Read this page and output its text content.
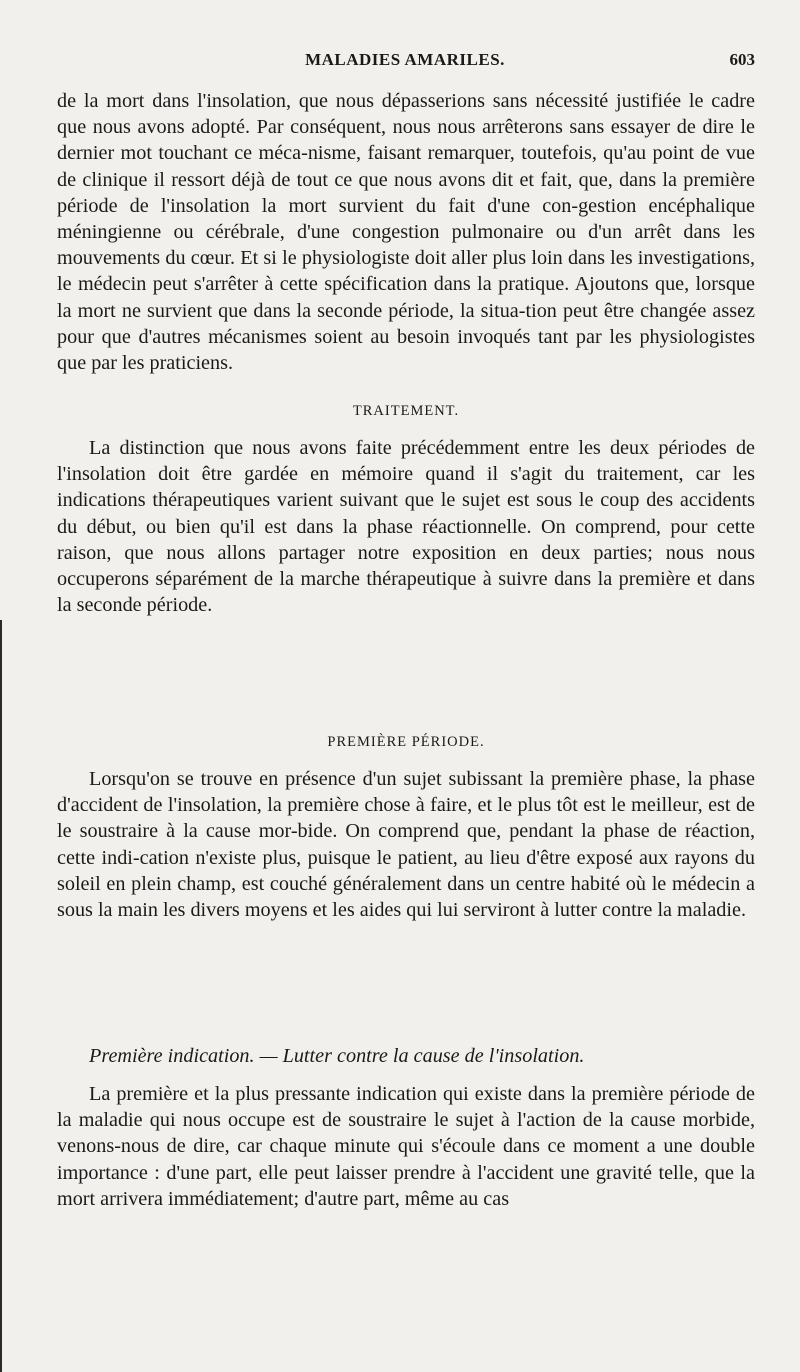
MALADIES AMARILES.	603

de la mort dans l'insolation, que nous dépasserions sans nécessité justifiée le cadre que nous avons adopté. Par conséquent, nous nous arrêterons sans essayer de dire le dernier mot touchant ce méca-nisme, faisant remarquer, toutefois, qu'au point de vue de clinique il ressort déjà de tout ce que nous avons dit et fait, que, dans la première période de l'insolation la mort survient du fait d'une con-gestion encéphalique méningienne ou cérébrale, d'une congestion pulmonaire ou d'un arrêt dans les mouvements du cœur. Et si le physiologiste doit aller plus loin dans les investigations, le médecin peut s'arrêter à cette spécification dans la pratique. Ajoutons que, lorsque la mort ne survient que dans la seconde période, la situa-tion peut être changée assez pour que d'autres mécanismes soient au besoin invoqués tant par les physiologistes que par les praticiens.

TRAITEMENT.

La distinction que nous avons faite précédemment entre les deux périodes de l'insolation doit être gardée en mémoire quand il s'agit du traitement, car les indications thérapeutiques varient suivant que le sujet est sous le coup des accidents du début, ou bien qu'il est dans la phase réactionnelle. On comprend, pour cette raison, que nous allons partager notre exposition en deux parties; nous nous occuperons séparément de la marche thérapeutique à suivre dans la première et dans la seconde période.

PREMIÈRE PÉRIODE.

Lorsqu'on se trouve en présence d'un sujet subissant la première phase, la phase d'accident de l'insolation, la première chose à faire, et le plus tôt est le meilleur, est de le soustraire à la cause mor-bide. On comprend que, pendant la phase de réaction, cette indi-cation n'existe plus, puisque le patient, au lieu d'être exposé aux rayons du soleil en plein champ, est couché généralement dans un centre habité où le médecin a sous la main les divers moyens et les aides qui lui serviront à lutter contre la maladie.

Première indication. — Lutter contre la cause de l'insolation.

La première et la plus pressante indication qui existe dans la première période de la maladie qui nous occupe est de soustraire le sujet à l'action de la cause morbide, venons-nous de dire, car chaque minute qui s'écoule dans ce moment a une double importance : d'une part, elle peut laisser prendre à l'accident une gravité telle, que la mort arrivera immédiatement; d'autre part, même au cas
